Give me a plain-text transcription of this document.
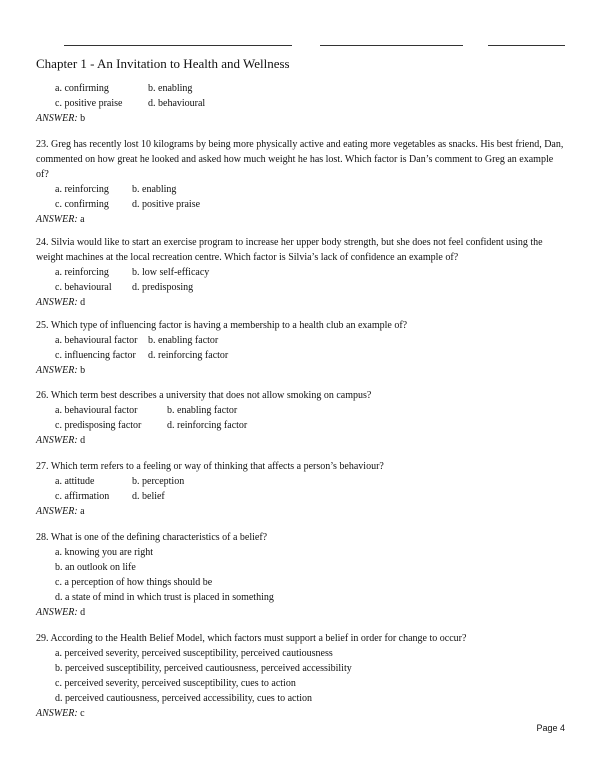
Chapter 1 - An Invitation to Health and Wellness
a. confirming	b. enabling
c. positive praise	d. behavioural
ANSWER: b

23. Greg has recently lost 10 kilograms by being more physically active and eating more vegetables as snacks. His best friend, Dan, commented on how great he looked and asked how much weight he has lost. Which factor is Dan’s comment to Greg an example of?

a. reinforcing b. enabling
c. confirming d. positive praise
ANSWER: a

24. Silvia would like to start an exercise program to increase her upper body strength, but she does not feel confident using the weight machines at the local recreation centre. Which factor is Silvia’s lack of confidence an example of?

a. reinforcing b. low self-efficacy
c. behavioural d. predisposing
ANSWER: d

25. Which type of influencing factor is having a membership to a health club an example of?

a. behavioural factor b. enabling factor
c. influencing factor d. reinforcing factor
ANSWER: b

26. Which term best describes a university that does not allow smoking on campus?

a. behavioural factor	b. enabling factor
c. predisposing factor	d. reinforcing factor
ANSWER: d

27. Which term refers to a feeling or way of thinking that affects a person’s behaviour?

a. attitude	b. perception
c. affirmation d. belief
ANSWER: a

28. What is one of the defining characteristics of a belief?

a. knowing you are right
b. an outlook on life
c. a perception of how things should be
d. a state of mind in which trust is placed in something
ANSWER: d

29. According to the Health Belief Model, which factors must support a belief in order for change to occur?

a. perceived severity, perceived susceptibility, perceived cautiousness
b. perceived susceptibility, perceived cautiousness, perceived accessibility
c. perceived severity, perceived susceptibility, cues to action
d. perceived cautiousness, perceived accessibility, cues to action
ANSWER: c
Page 4
